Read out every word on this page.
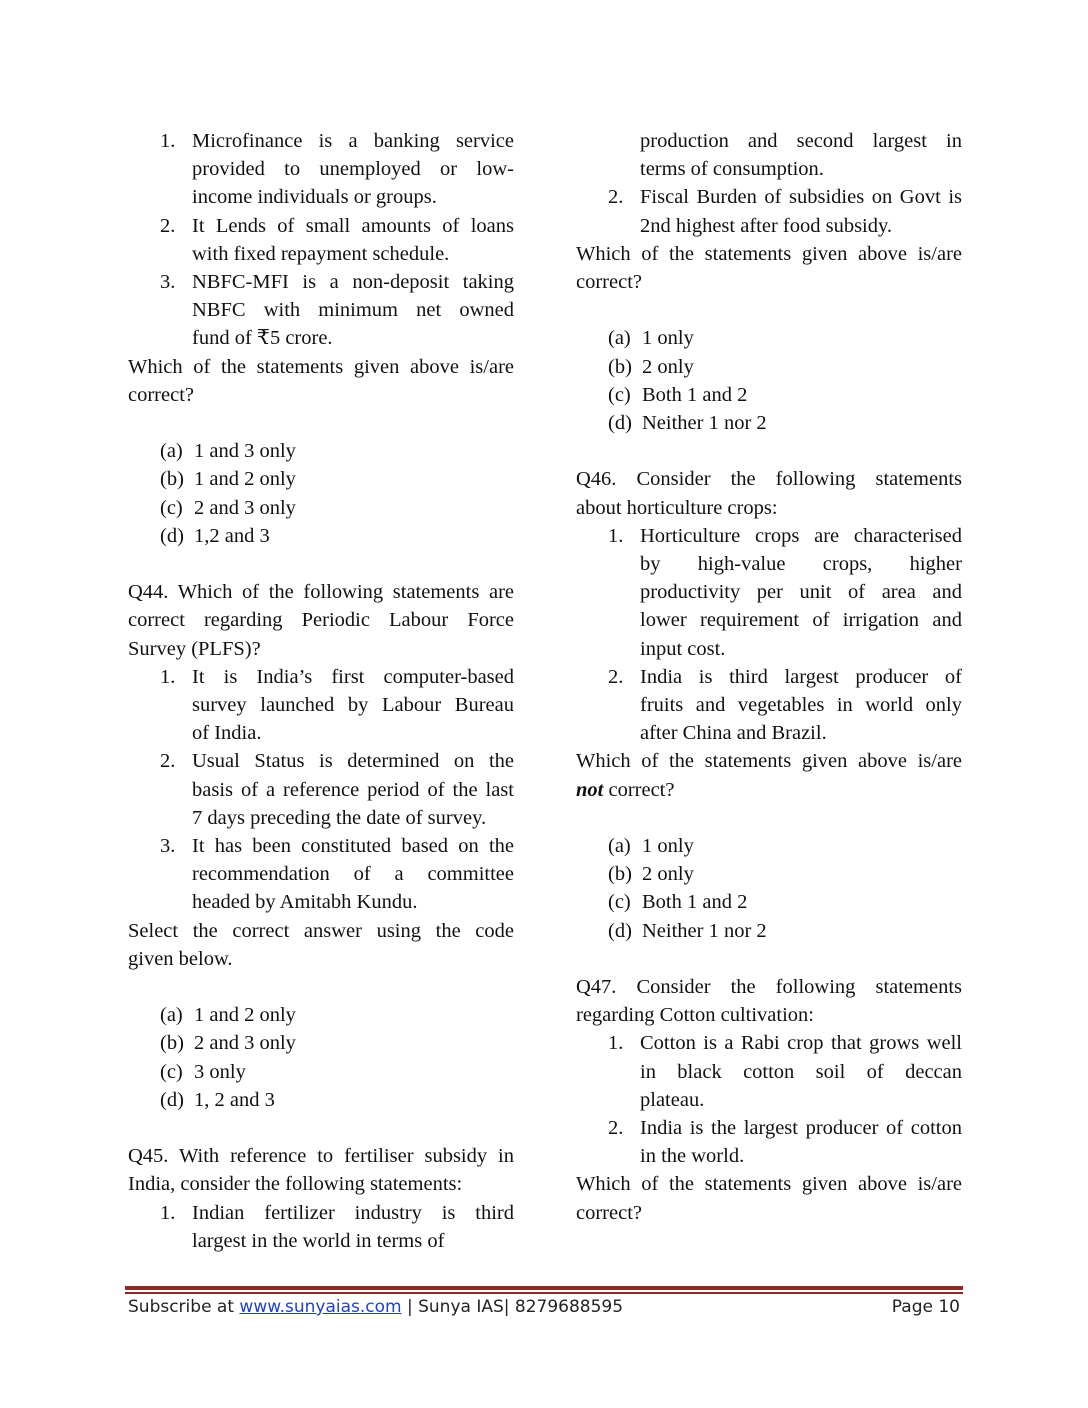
1. Microfinance is a banking service
provided to unemployed or low-
income individuals or groups.
2. It Lends of small amounts of loans
with fixed repayment schedule.
3. NBFC-MFI is a non-deposit taking
NBFC with minimum net owned
fund of ₹5 crore.
Which of the statements given above is/are
correct?
(a) 1 and 3 only
(b) 1 and 2 only
(c) 2 and 3 only
(d) 1,2 and 3
Q44. Which of the following statements are
correct regarding Periodic Labour Force
Survey (PLFS)?
1. It is India’s first computer-based
survey launched by Labour Bureau
of India.
2. Usual Status is determined on the
basis of a reference period of the last
7 days preceding the date of survey.
3. It has been constituted based on the
recommendation of a committee
headed by Amitabh Kundu.
Select the correct answer using the code
given below.
(a) 1 and 2 only
(b) 2 and 3 only
(c) 3 only
(d) 1, 2 and 3
Q45. With reference to fertiliser subsidy in
India, consider the following statements:
1. Indian fertilizer industry is third
largest in the world in terms of
production and second largest in
terms of consumption.
2. Fiscal Burden of subsidies on Govt is
2nd highest after food subsidy.
Which of the statements given above is/are
correct?
(a) 1 only
(b) 2 only
(c) Both 1 and 2
(d) Neither 1 nor 2
Q46. Consider the following statements
about horticulture crops:
1. Horticulture crops are characterised
by high-value crops, higher
productivity per unit of area and
lower requirement of irrigation and
input cost.
2. India is third largest producer of
fruits and vegetables in world only
after China and Brazil.
Which of the statements given above is/are
not correct?
(a) 1 only
(b) 2 only
(c) Both 1 and 2
(d) Neither 1 nor 2
Q47. Consider the following statements
regarding Cotton cultivation:
1. Cotton is a Rabi crop that grows well
in black cotton soil of deccan
plateau.
2. India is the largest producer of cotton
in the world.
Which of the statements given above is/are
correct?
Subscribe at www.sunyaias.com | Sunya IAS| 8279688595	Page 10
